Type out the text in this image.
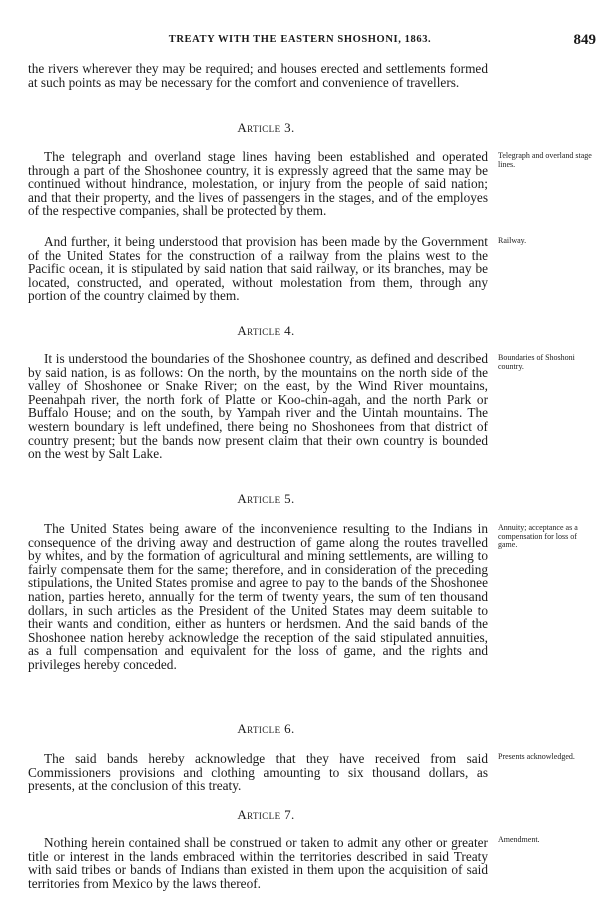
TREATY WITH THE EASTERN SHOSHONI, 1863.	849

the rivers wherever they may be required; and houses erected and settlements formed at such points as may be necessary for the comfort and convenience of travellers.

Article 3.

The telegraph and overland stage lines having been established and operated through a part of the Shoshonee country, it is expressly agreed that the same may be continued without hindrance, molestation, or injury from the people of said nation; and that their property, and the lives of passengers in the stages, and of the employes of the respective companies, shall be protected by them.

And further, it being understood that provision has been made by the Government of the United States for the construction of a railway from the plains west to the Pacific ocean, it is stipulated by said nation that said railway, or its branches, may be located, constructed, and operated, without molestation from them, through any portion of the country claimed by them.

Article 4.

It is understood the boundaries of the Shoshonee country, as defined and described by said nation, is as follows: On the north, by the mountains on the north side of the valley of Shoshonee or Snake River; on the east, by the Wind River mountains, Peenahpah river, the north fork of Platte or Koo-chin-agah, and the north Park or Buffalo House; and on the south, by Yampah river and the Uintah mountains. The western boundary is left undefined, there being no Shoshonees from that district of country present; but the bands now present claim that their own country is bounded on the west by Salt Lake.

Article 5.

The United States being aware of the inconvenience resulting to the Indians in consequence of the driving away and destruction of game along the routes travelled by whites, and by the formation of agricultural and mining settlements, are willing to fairly compensate them for the same; therefore, and in consideration of the preceding stipulations, the United States promise and agree to pay to the bands of the Shoshonee nation, parties hereto, annually for the term of twenty years, the sum of ten thousand dollars, in such articles as the President of the United States may deem suitable to their wants and condition, either as hunters or herdsmen. And the said bands of the Shoshonee nation hereby acknowledge the reception of the said stipulated annuities, as a full compensation and equivalent for the loss of game, and the rights and privileges hereby conceded.

Article 6.

The said bands hereby acknowledge that they have received from said Commissioners provisions and clothing amounting to six thousand dollars, as presents, at the conclusion of this treaty.

Article 7.

Nothing herein contained shall be construed or taken to admit any other or greater title or interest in the lands embraced within the territories described in said Treaty with said tribes or bands of Indians than existed in them upon the acquisition of said territories from Mexico by the laws thereof.

Telegraph and overland stage lines.
Railway.
Boundaries of Shoshoni country.
Annuity; acceptance as a compensation for loss of game.
Presents acknowledged.
Amendment.
